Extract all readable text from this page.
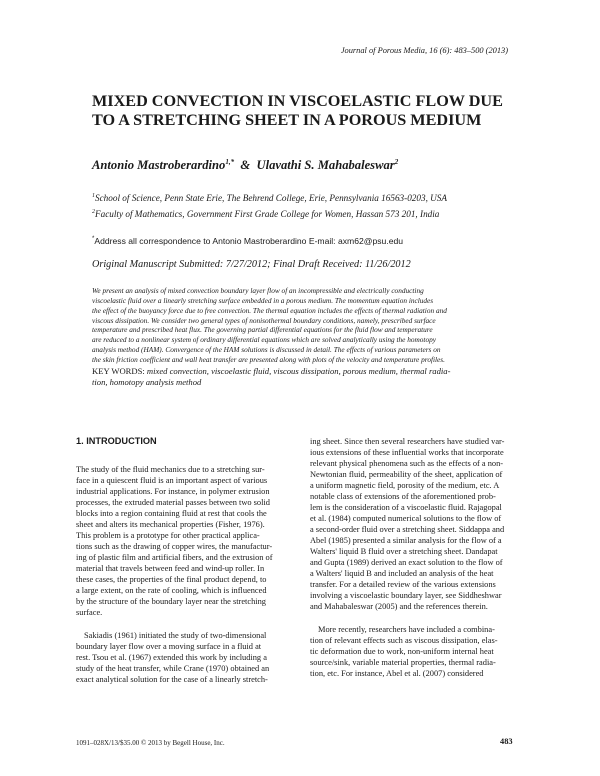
Journal of Porous Media, 16 (6): 483–500 (2013)
MIXED CONVECTION IN VISCOELASTIC FLOW DUE
TO A STRETCHING SHEET IN A POROUS MEDIUM
Antonio Mastroberardino$^{1,*}$ & Ulavathi S. Mahabaleswar$^2$
$^1$School of Science, Penn State Erie, The Behrend College, Erie, Pennsylvania 16563-0203, USA
$^2$Faculty of Mathematics, Government First Grade College for Women, Hassan 573 201, India
*Address all correspondence to Antonio Mastroberardino E-mail: axm62@psu.edu
Original Manuscript Submitted: 7/27/2012; Final Draft Received: 11/26/2012
We present an analysis of mixed convection boundary layer flow of an incompressible and electrically conducting
viscoelastic fluid over a linearly stretching surface embedded in a porous medium. The momentum equation includes
the effect of the buoyancy force due to free convection. The thermal equation includes the effects of thermal radiation and
viscous dissipation. We consider two general types of nonisothermal boundary conditions, namely, prescribed surface
temperature and prescribed heat flux. The governing partial differential equations for the fluid flow and temperature
are reduced to a nonlinear system of ordinary differential equations which are solved analytically using the homotopy
analysis method (HAM). Convergence of the HAM solutions is discussed in detail. The effects of various parameters on
the skin friction coefficient and wall heat transfer are presented along with plots of the velocity and temperature profiles.
KEY WORDS: mixed convection, viscoelastic fluid, viscous dissipation, porous medium, thermal radia-
tion, homotopy analysis method
1. INTRODUCTION
The study of the fluid mechanics due to a stretching sur-
face in a quiescent fluid is an important aspect of various
industrial applications. For instance, in polymer extrusion
processes, the extruded material passes between two solid
blocks into a region containing fluid at rest that cools the
sheet and alters its mechanical properties (Fisher, 1976).
This problem is a prototype for other practical applica-
tions such as the drawing of copper wires, the manufactur-
ing of plastic film and artificial fibers, and the extrusion of
material that travels between feed and wind-up roller. In
these cases, the properties of the final product depend, to
a large extent, on the rate of cooling, which is influenced
by the structure of the boundary layer near the stretching
surface.
Sakiadis (1961) initiated the study of two-dimensional
boundary layer flow over a moving surface in a fluid at
rest. Tsou et al. (1967) extended this work by including a
study of the heat transfer, while Crane (1970) obtained an
exact analytical solution for the case of a linearly stretch-
ing sheet. Since then several researchers have studied var-
ious extensions of these influential works that incorporate
relevant physical phenomena such as the effects of a non-
Newtonian fluid, permeability of the sheet, application of
a uniform magnetic field, porosity of the medium, etc. A
notable class of extensions of the aforementioned prob-
lem is the consideration of a viscoelastic fluid. Rajagopal
et al. (1984) computed numerical solutions to the flow of
a second-order fluid over a stretching sheet. Siddappa and
Abel (1985) presented a similar analysis for the flow of a
Walters' liquid B fluid over a stretching sheet. Dandapat
and Gupta (1989) derived an exact solution to the flow of
a Walters' liquid B and included an analysis of the heat
transfer. For a detailed review of the various extensions
involving a viscoelastic boundary layer, see Siddheshwar
and Mahabaleswar (2005) and the references therein.
More recently, researchers have included a combina-
tion of relevant effects such as viscous dissipation, elas-
tic deformation due to work, non-uniform internal heat
source/sink, variable material properties, thermal radia-
tion, etc. For instance, Abel et al. (2007) considered
1091–028X/13/$35.00 © 2013 by Begell House, Inc.	483
